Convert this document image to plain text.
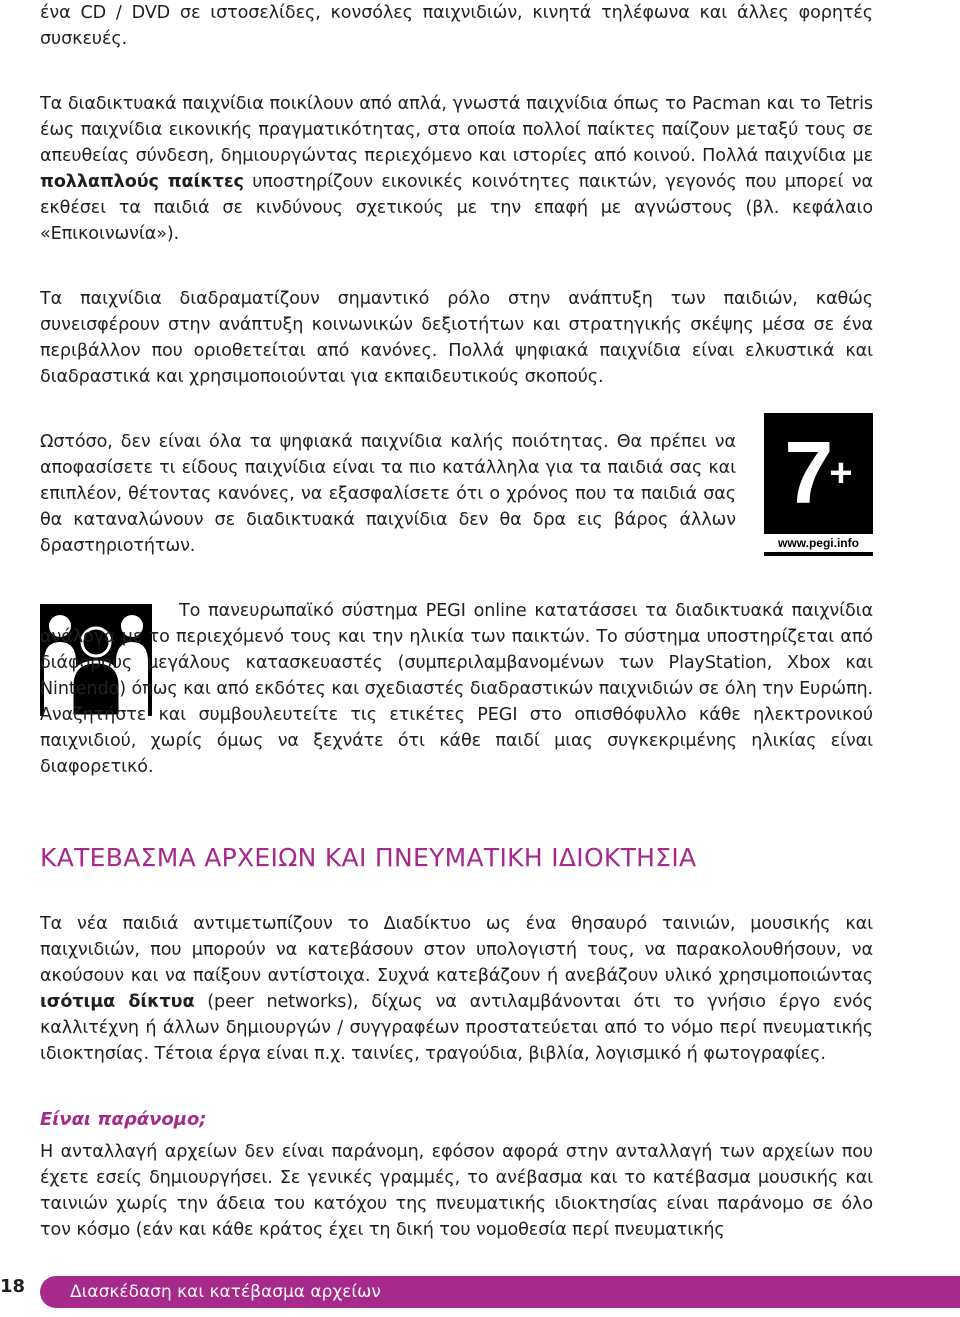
ένα CD / DVD σε ιστοσελίδες, κονσόλες παιχνιδιών, κινητά τηλέφωνα και άλλες φορητές συσκευές.

Τα διαδικτυακά παιχνίδια ποικίλουν από απλά, γνωστά παιχνίδια όπως το Pacman και το Tetris έως παιχνίδια εικονικής πραγματικότητας, στα οποία πολλοί παίκτες παίζουν μεταξύ τους σε απευθείας σύνδεση, δημιουργώντας περιεχόμενο και ιστορίες από κοινού. Πολλά παιχνίδια με πολλαπλούς παίκτες υποστηρίζουν εικονικές κοινότητες παικτών, γεγονός που μπορεί να εκθέσει τα παιδιά σε κινδύνους σχετικούς με την επαφή με αγνώστους (βλ. κεφάλαιο «Επικοινωνία»).

Τα παιχνίδια διαδραματίζουν σημαντικό ρόλο στην ανάπτυξη των παιδιών, καθώς συνεισφέρουν στην ανάπτυξη κοινωνικών δεξιοτήτων και στρατηγικής σκέψης μέσα σε ένα περιβάλλον που οριοθετείται από κανόνες. Πολλά ψηφιακά παιχνίδια είναι ελκυστικά και διαδραστικά και χρησιμοποιούνται για εκπαιδευτικούς σκοπούς.

Ωστόσο, δεν είναι όλα τα ψηφιακά παιχνίδια καλής ποιότητας. Θα πρέπει να αποφασίσετε τι είδους παιχνίδια είναι τα πιο κατάλληλα για τα παιδιά σας και επιπλέον, θέτοντας κανόνες, να εξασφαλίσετε ότι ο χρόνος που τα παιδιά σας θα καταναλώνουν σε διαδικτυακά παιχνίδια δεν θα δρα εις βάρος άλλων δραστηριοτήτων.

7+
www.pegi.info

Το πανευρωπαϊκό σύστημα PEGI online κατατάσσει τα διαδικτυακά παιχνίδια ανάλογα με το περιεχόμενό τους και την ηλικία των παικτών. Το σύστημα υποστηρίζεται από διάφορους μεγάλους κατασκευαστές (συμπεριλαμβανομένων των PlayStation, Xbox και Nintendo) όπως και από εκδότες και σχεδιαστές διαδραστικών παιχνιδιών σε όλη την Ευρώπη. Αναζητήστε και συμβουλευτείτε τις ετικέτες PEGI στο οπισθόφυλλο κάθε ηλεκτρονικού παιχνιδιού, χωρίς όμως να ξεχνάτε ότι κάθε παιδί μιας συγκεκριμένης ηλικίας είναι διαφορετικό.

ΚΑΤΕΒΑΣΜΑ ΑΡΧΕΙΩΝ ΚΑΙ ΠΝΕΥΜΑΤΙΚΗ ΙΔΙΟΚΤΗΣΙΑ

Τα νέα παιδιά αντιμετωπίζουν το Διαδίκτυο ως ένα θησαυρό ταινιών, μουσικής και παιχνιδιών, που μπορούν να κατεβάσουν στον υπολογιστή τους, να παρακολουθήσουν, να ακούσουν και να παίξουν αντίστοιχα. Συχνά κατεβάζουν ή ανεβάζουν υλικό χρησιμοποιώντας ισότιμα δίκτυα (peer networks), δίχως να αντιλαμβάνονται ότι το γνήσιο έργο ενός καλλιτέχνη ή άλλων δημιουργών / συγγραφέων προστατεύεται από το νόμο περί πνευματικής ιδιοκτησίας. Τέτοια έργα είναι π.χ. ταινίες, τραγούδια, βιβλία, λογισμικό ή φωτογραφίες.

Είναι παράνομο;

Η ανταλλαγή αρχείων δεν είναι παράνομη, εφόσον αφορά στην ανταλλαγή των αρχείων που έχετε εσείς δημιουργήσει. Σε γενικές γραμμές, το ανέβασμα και το κατέβασμα μουσικής και ταινιών χωρίς την άδεια του κατόχου της πνευματικής ιδιοκτησίας είναι παράνομο σε όλο τον κόσμο (εάν και κάθε κράτος έχει τη δική του νομοθεσία περί πνευματικής

18	Διασκέδαση και κατέβασμα αρχείων
